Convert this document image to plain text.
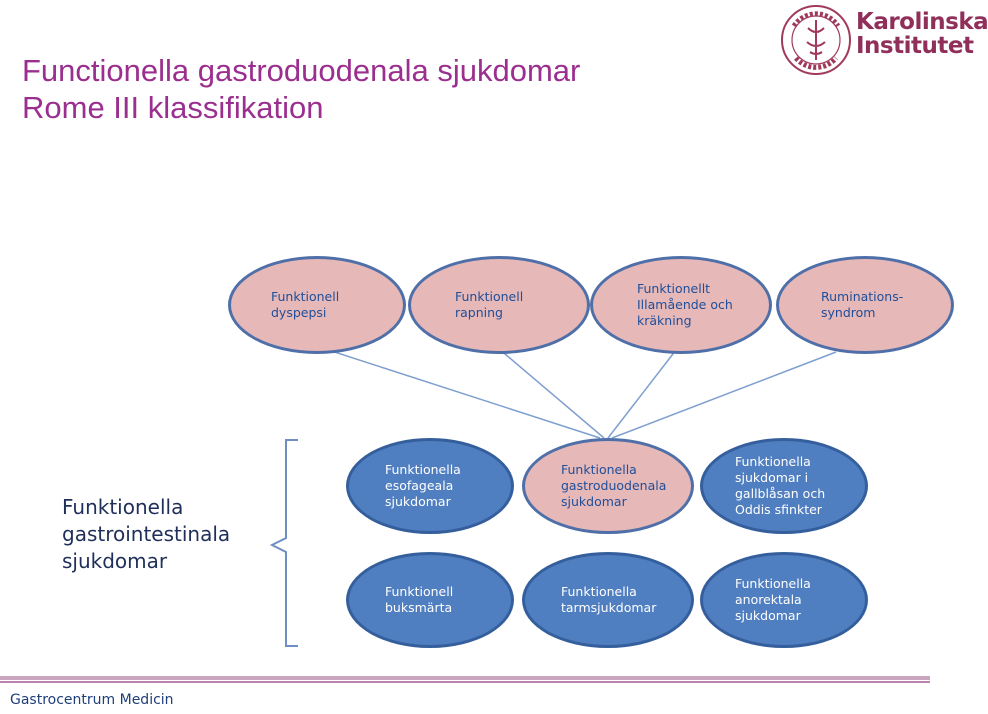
Functionella gastroduodenala sjukdomar
Rome III klassifikation
Karolinska
Institutet
Funktionell
dyspepsi
Funktionell
rapning
Funktionellt
Illamående och
kräkning
Ruminations-
syndrom
Funktionella
gastrointestinala
sjukdomar
Funktionella
esofageala
sjukdomar
Funktionella
gastroduodenala
sjukdomar
Funktionella
sjukdomar i
gallblåsan och
Oddis sfinkter
Funktionell
buksmärta
Funktionella
tarmsjukdomar
Funktionella
anorektala
sjukdomar
Gastrocentrum Medicin
